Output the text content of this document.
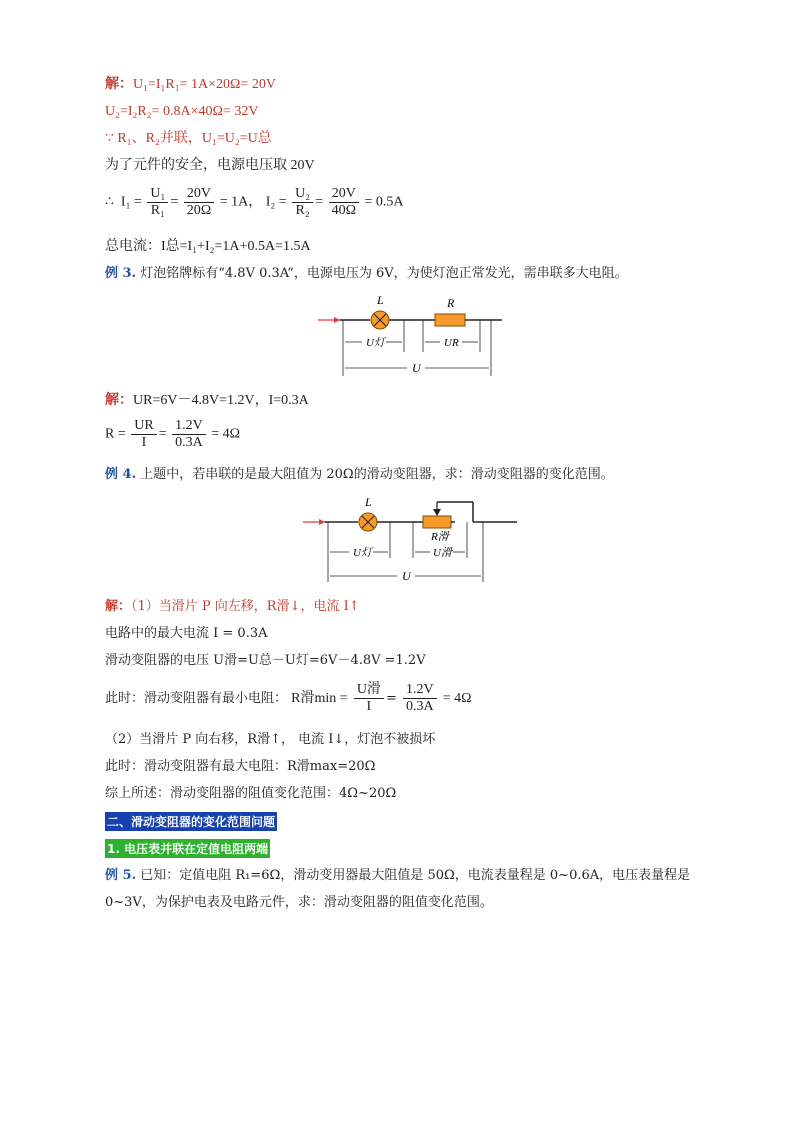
解：U₁=I₁R₁= 1A×20Ω= 20V
U₂=I₂R₂= 0.8A×40Ω= 32V
∵ R₁、R₂并联，U₁=U₂=U总
为了元件的安全，电源电压取 20V
∴ $I_1 = \frac{\text{U₁}}{\text{R₁}} = \frac{20V}{20\Omega} = 1A$， $I_2 = \frac{\text{U₂}}{\text{R₂}} = \frac{20V}{40\Omega} = 0.5A$
总电流：I总=I₁+I₂=1A+0.5A=1.5A
例 3. 灯泡铭牌标有“4.8V 0.3A”，电源电压为 6V，为使灯泡正常发光，需串联多大电阻。
L	R
U灯	UR
U
解：UR=6V－4.8V=1.2V，I=0.3A
$R = \frac{UR}{I} = \frac{1.2V}{0.3A} = 4\Omega$
例 4. 上题中，若串联的是最大阻值为 20Ω的滑动变阻器，求：滑动变阻器的变化范围。
L
R滑
U灯	U滑
U
解：（1）当滑片 P 向左移，R滑↓，电流 I↑
电路中的最大电流 I = 0.3A
滑动变阻器的电压 U滑=U总－U灯=6V－4.8V =1.2V
此时：滑动变阻器有最小电阻： R滑$\min = \frac{\text{U滑}}{I} = \frac{1.2V}{0.3A} = 4\Omega$
（2）当滑片 P 向右移，R滑↑， 电流 I↓，灯泡不被损坏
此时：滑动变阻器有最大电阻：R滑max=20Ω
综上所述：滑动变阻器的阻值变化范围：4Ω~20Ω
二、滑动变阻器的变化范围问题
1. 电压表并联在定值电阻两端
例 5. 已知：定值电阻 R₁=6Ω，滑动变用器最大阻值是 50Ω，电流表量程是 0~0.6A，电压表量程是
0~3V，为保护电表及电路元件，求：滑动变阻器的阻值变化范围。
